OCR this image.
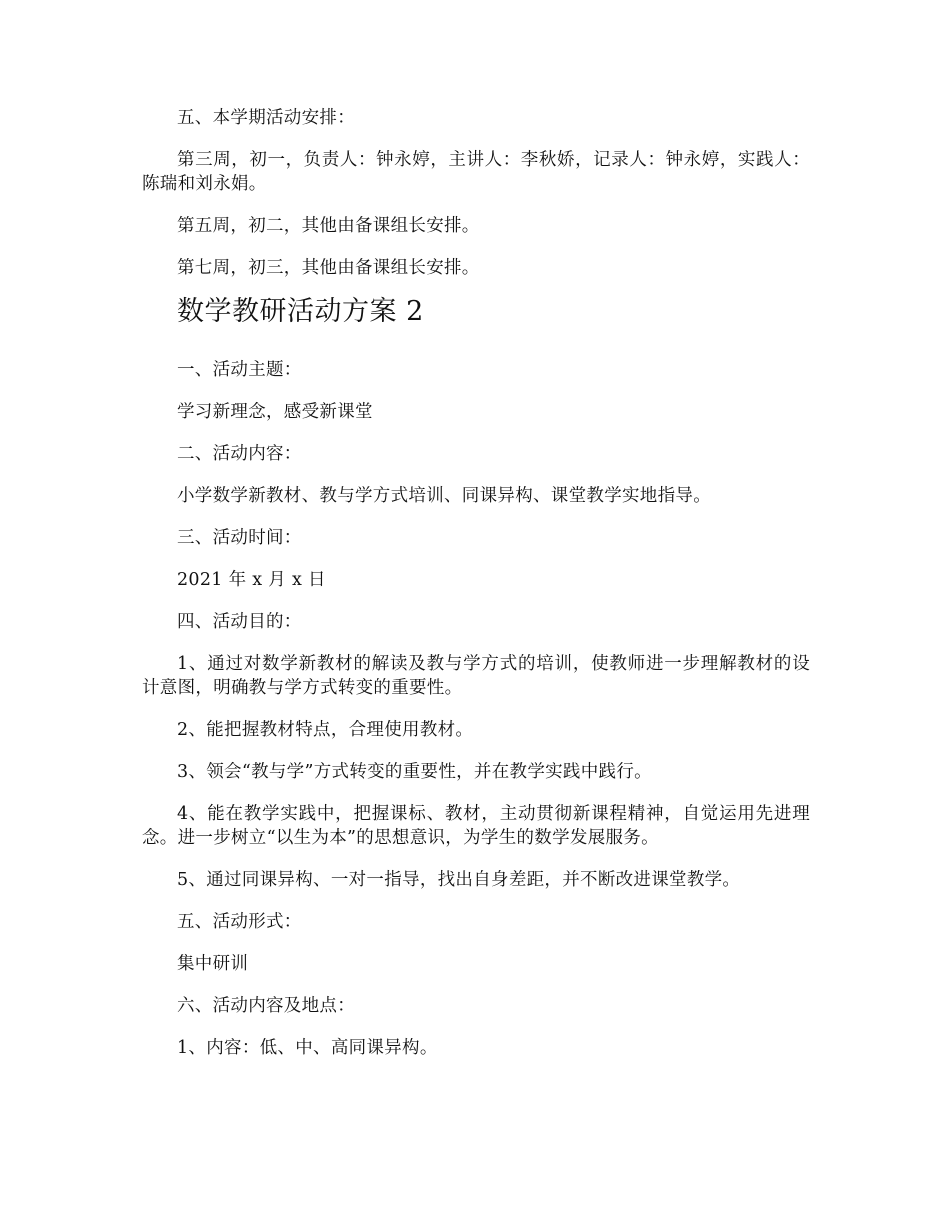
五、本学期活动安排：

第三周，初一，负责人：钟永婷，主讲人：李秋娇，记录人：钟永婷，实践人：陈瑞和刘永娟。

第五周，初二，其他由备课组长安排。

第七周，初三，其他由备课组长安排。

数学教研活动方案 2

一、活动主题：

学习新理念，感受新课堂

二、活动内容：

小学数学新教材、教与学方式培训、同课异构、课堂教学实地指导。

三、活动时间：

2021 年 x 月 x 日

四、活动目的：

1、通过对数学新教材的解读及教与学方式的培训，使教师进一步理解教材的设计意图，明确教与学方式转变的重要性。

2、能把握教材特点，合理使用教材。

3、领会“教与学”方式转变的重要性，并在教学实践中践行。

4、能在教学实践中，把握课标、教材，主动贯彻新课程精神，自觉运用先进理念。进一步树立“以生为本”的思想意识，为学生的数学发展服务。

5、通过同课异构、一对一指导，找出自身差距，并不断改进课堂教学。

五、活动形式：

集中研训

六、活动内容及地点：

1、内容：低、中、高同课异构。
